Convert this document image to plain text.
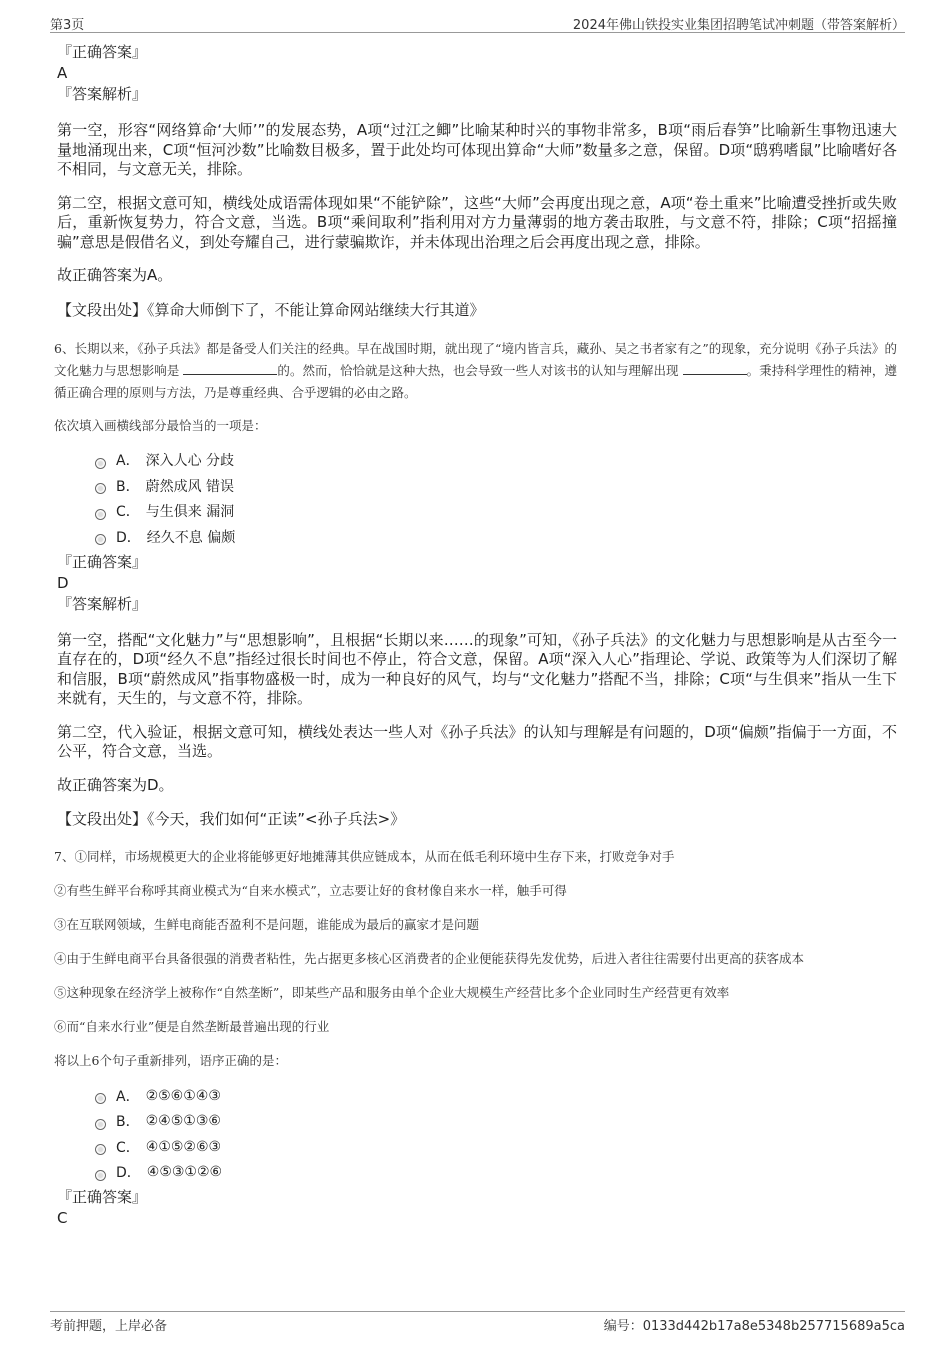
第3页	2024年佛山铁投实业集团招聘笔试冲刺题（带答案解析）

『正确答案』

A

『答案解析』

第一空，形容“网络算命‘大师’”的发展态势，A项“过江之鲫”比喻某种时兴的事物非常多，B项“雨后春笋”比喻新生事物迅速大量地涌现出来，C项“恒河沙数”比喻数目极多，置于此处均可体现出算命“大师”数量多之意，保留。D项“鸱鸦嗜鼠”比喻嗜好各不相同，与文意无关，排除。

第二空，根据文意可知，横线处成语需体现如果“不能铲除”，这些“大师”会再度出现之意，A项“卷土重来”比喻遭受挫折或失败后，重新恢复势力，符合文意，当选。B项“乘间取利”指利用对方力量薄弱的地方袭击取胜，与文意不符，排除；C项“招摇撞骗”意思是假借名义，到处夸耀自己，进行蒙骗欺诈，并未体现出治理之后会再度出现之意，排除。

故正确答案为A。

【文段出处】《算命大师倒下了，不能让算命网站继续大行其道》

6、长期以来，《孙子兵法》都是备受人们关注的经典。早在战国时期，就出现了“境内皆言兵，藏孙、吴之书者家有之”的现象，充分说明《孙子兵法》的文化魅力与思想影响是	的。然而，恰恰就是这种大热，也会导致一些人对该书的认知与理解出现	。秉持科学理性的精神，遵循正确合理的原则与方法，乃是尊重经典、合乎逻辑的必由之路。

依次填入画横线部分最恰当的一项是：

A． 深入人心 分歧
B． 蔚然成风 错误
C． 与生俱来 漏洞
D． 经久不息 偏颇

『正确答案』

D

『答案解析』

第一空，搭配“文化魅力”与“思想影响”，且根据“长期以来……的现象”可知，《孙子兵法》的文化魅力与思想影响是从古至今一直存在的，D项“经久不息”指经过很长时间也不停止，符合文意，保留。A项“深入人心”指理论、学说、政策等为人们深切了解和信服，B项“蔚然成风”指事物盛极一时，成为一种良好的风气，均与“文化魅力”搭配不当，排除；C项“与生俱来”指从一生下来就有，天生的，与文意不符，排除。

第二空，代入验证，根据文意可知，横线处表达一些人对《孙子兵法》的认知与理解是有问题的，D项“偏颇”指偏于一方面，不公平，符合文意，当选。

故正确答案为D。

【文段出处】《今天，我们如何“正读”<孙子兵法>》

7、①同样，市场规模更大的企业将能够更好地摊薄其供应链成本，从而在低毛利环境中生存下来，打败竞争对手

②有些生鲜平台称呼其商业模式为“自来水模式”，立志要让好的食材像自来水一样，触手可得

③在互联网领域，生鲜电商能否盈利不是问题，谁能成为最后的赢家才是问题

④由于生鲜电商平台具备很强的消费者粘性，先占据更多核心区消费者的企业便能获得先发优势，后进入者往往需要付出更高的获客成本

⑤这种现象在经济学上被称作“自然垄断”，即某些产品和服务由单个企业大规模生产经营比多个企业同时生产经营更有效率

⑥而“自来水行业”便是自然垄断最普遍出现的行业

将以上6个句子重新排列，语序正确的是：

A． ②⑤⑥①④③
B． ②④⑤①③⑥
C． ④①⑤②⑥③
D． ④⑤③①②⑥

『正确答案』

C

考前押题，上岸必备	编号：0133d442b17a8e5348b257715689a5ca
